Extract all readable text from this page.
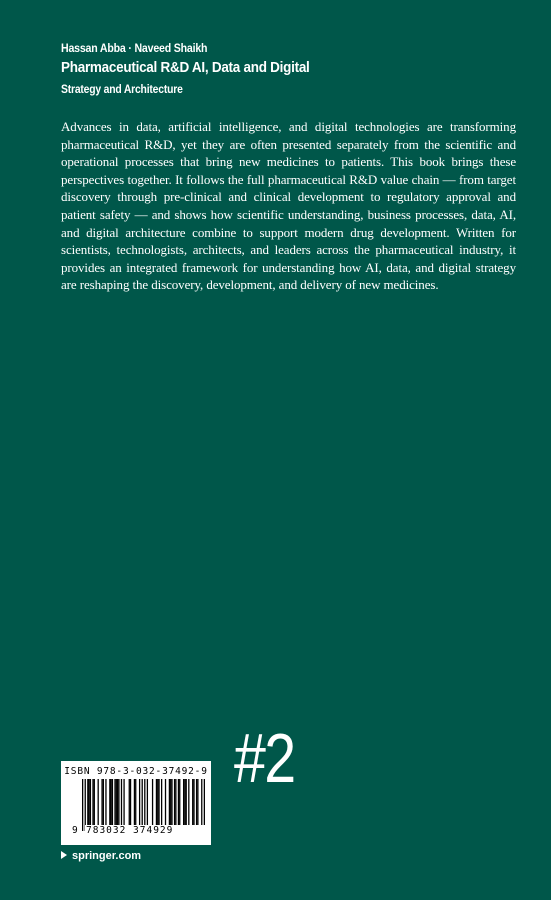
Hassan Abba · Naveed Shaikh
Pharmaceutical R&D AI, Data and Digital
Strategy and Architecture

Advances in data, artificial intelligence, and digital technologies are transforming pharmaceutical R&D, yet they are often presented separately from the scientific and operational processes that bring new medicines to patients. This book brings these perspectives together. It follows the full pharmaceutical R&D value chain — from target discovery through pre-clinical and clinical development to regulatory approval and patient safety — and shows how scientific understanding, business processes, data, AI, and digital architecture combine to support modern drug development. Written for scientists, technologists, architects, and leaders across the pharmaceutical industry, it provides an integrated framework for understanding how AI, data, and digital strategy are reshaping the discovery, development, and delivery of new medicines.

#2
ISBN 978-3-032-37492-9
9 783032 374929
springer.com
